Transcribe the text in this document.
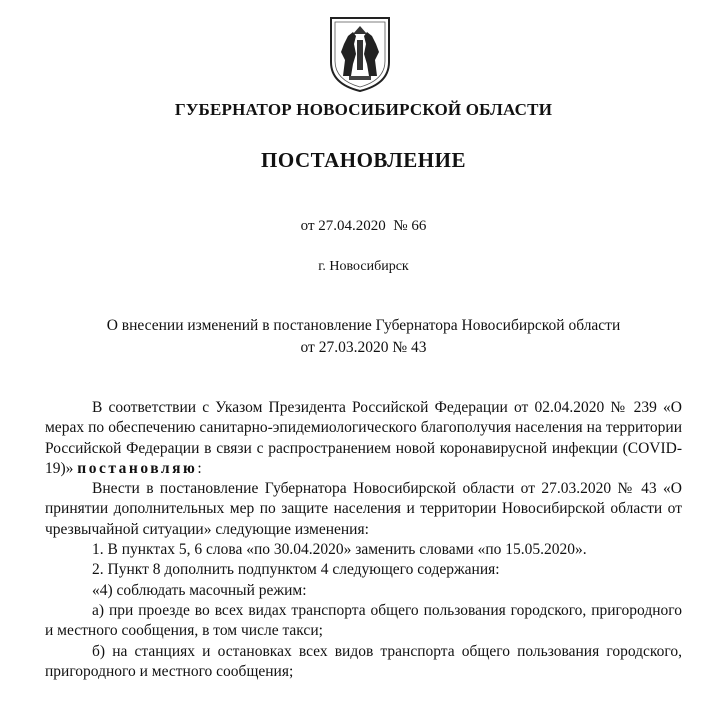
ГУБЕРНАТОР НОВОСИБИРСКОЙ ОБЛАСТИ
ПОСТАНОВЛЕНИЕ
от 27.04.2020  № 66
г. Новосибирск
О внесении изменений в постановление Губернатора Новосибирской области
от 27.03.2020 № 43

В соответствии с Указом Президента Российской Федерации от 02.04.2020 № 239 «О мерах по обеспечению санитарно-эпидемиологического благополучия населения на территории Российской Федерации в связи с распространением новой коронавирусной инфекции (COVID-19)» постановляю:

Внести в постановление Губернатора Новосибирской области от 27.03.2020 № 43 «О принятии дополнительных мер по защите населения и территории Новосибирской области от чрезвычайной ситуации» следующие изменения:

1. В пунктах 5, 6 слова «по 30.04.2020» заменить словами «по 15.05.2020».

2. Пункт 8 дополнить подпунктом 4 следующего содержания:

«4) соблюдать масочный режим:

а) при проезде во всех видах транспорта общего пользования городского, пригородного и местного сообщения, в том числе такси;

б) на станциях и остановках всех видов транспорта общего пользования городского, пригородного и местного сообщения;
